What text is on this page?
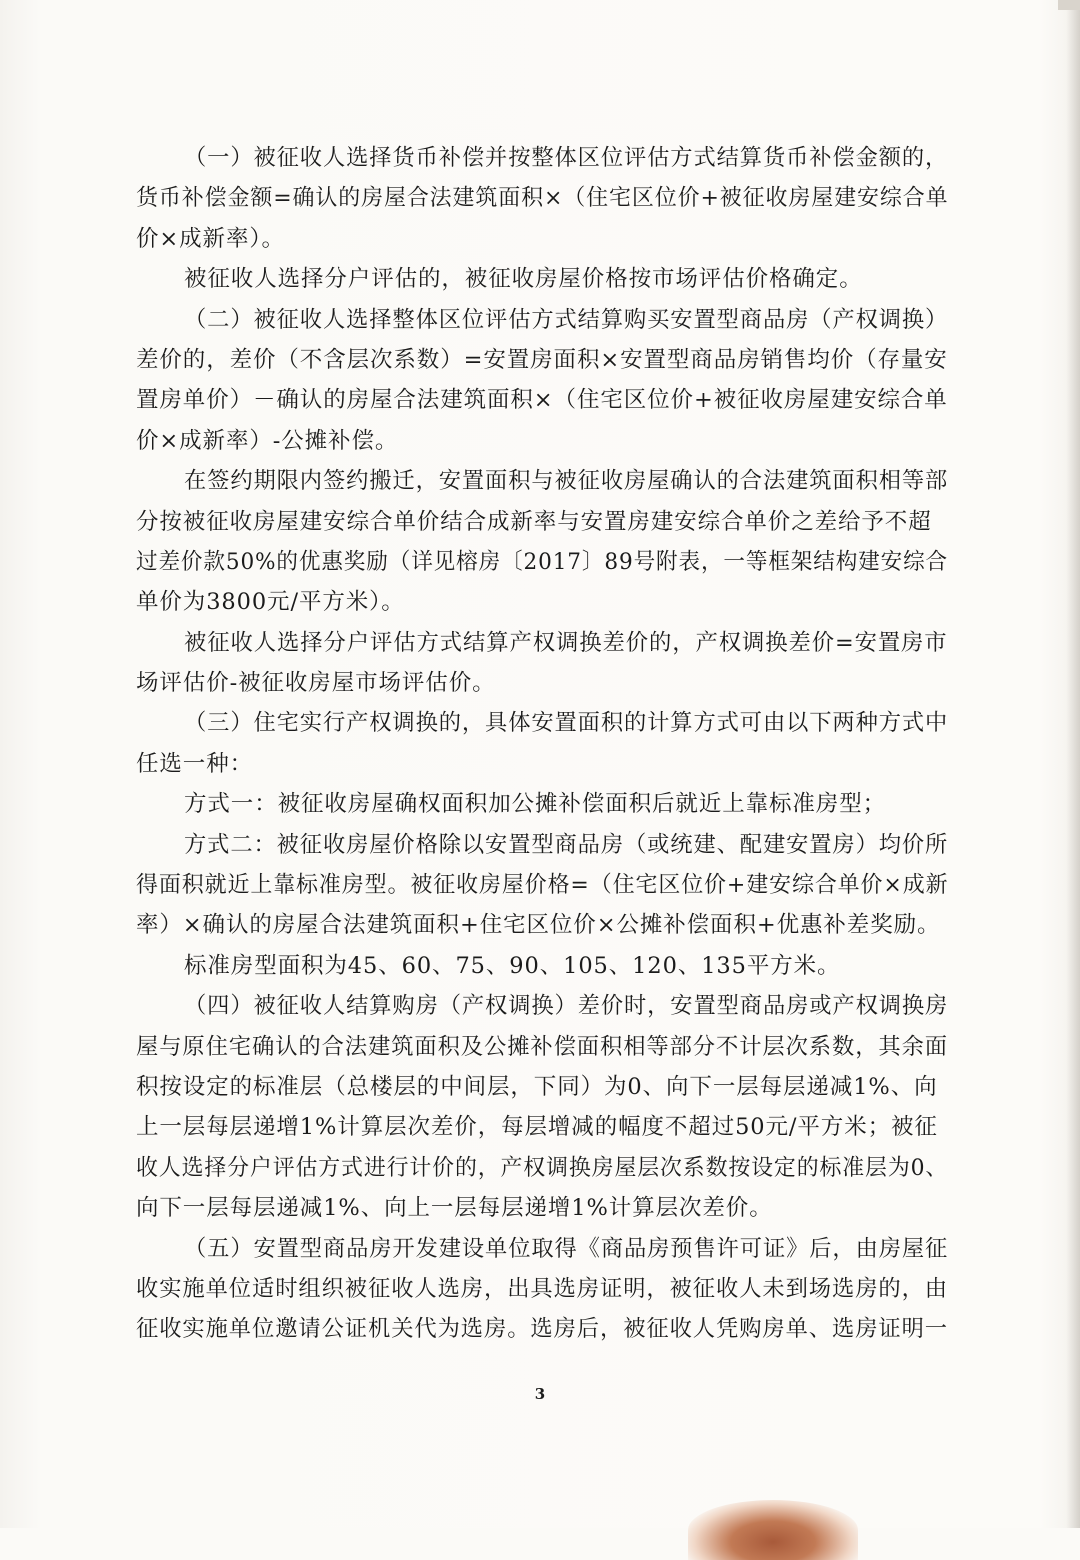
（一）被征收人选择货币补偿并按整体区位评估方式结算货币补偿金额的，
货币补偿金额=确认的房屋合法建筑面积×（住宅区位价+被征收房屋建安综合单
价×成新率）。
被征收人选择分户评估的，被征收房屋价格按市场评估价格确定。
（二）被征收人选择整体区位评估方式结算购买安置型商品房（产权调换）
差价的，差价（不含层次系数）=安置房面积×安置型商品房销售均价（存量安
置房单价）－确认的房屋合法建筑面积×（住宅区位价+被征收房屋建安综合单
价×成新率）-公摊补偿。
在签约期限内签约搬迁，安置面积与被征收房屋确认的合法建筑面积相等部
分按被征收房屋建安综合单价结合成新率与安置房建安综合单价之差给予不超
过差价款50%的优惠奖励（详见榕房〔2017〕89号附表，一等框架结构建安综合
单价为3800元/平方米）。
被征收人选择分户评估方式结算产权调换差价的，产权调换差价=安置房市
场评估价-被征收房屋市场评估价。
（三）住宅实行产权调换的，具体安置面积的计算方式可由以下两种方式中
任选一种：
方式一：被征收房屋确权面积加公摊补偿面积后就近上靠标准房型；
方式二：被征收房屋价格除以安置型商品房（或统建、配建安置房）均价所
得面积就近上靠标准房型。被征收房屋价格=（住宅区位价+建安综合单价×成新
率）×确认的房屋合法建筑面积+住宅区位价×公摊补偿面积+优惠补差奖励。
标准房型面积为45、60、75、90、105、120、135平方米。
（四）被征收人结算购房（产权调换）差价时，安置型商品房或产权调换房
屋与原住宅确认的合法建筑面积及公摊补偿面积相等部分不计层次系数，其余面
积按设定的标准层（总楼层的中间层，下同）为0、向下一层每层递减1%、向
上一层每层递增1%计算层次差价，每层增减的幅度不超过50元/平方米；被征
收人选择分户评估方式进行计价的，产权调换房屋层次系数按设定的标准层为0、
向下一层每层递减1%、向上一层每层递增1%计算层次差价。
（五）安置型商品房开发建设单位取得《商品房预售许可证》后，由房屋征
收实施单位适时组织被征收人选房，出具选房证明，被征收人未到场选房的，由
征收实施单位邀请公证机关代为选房。选房后，被征收人凭购房单、选房证明一
3
